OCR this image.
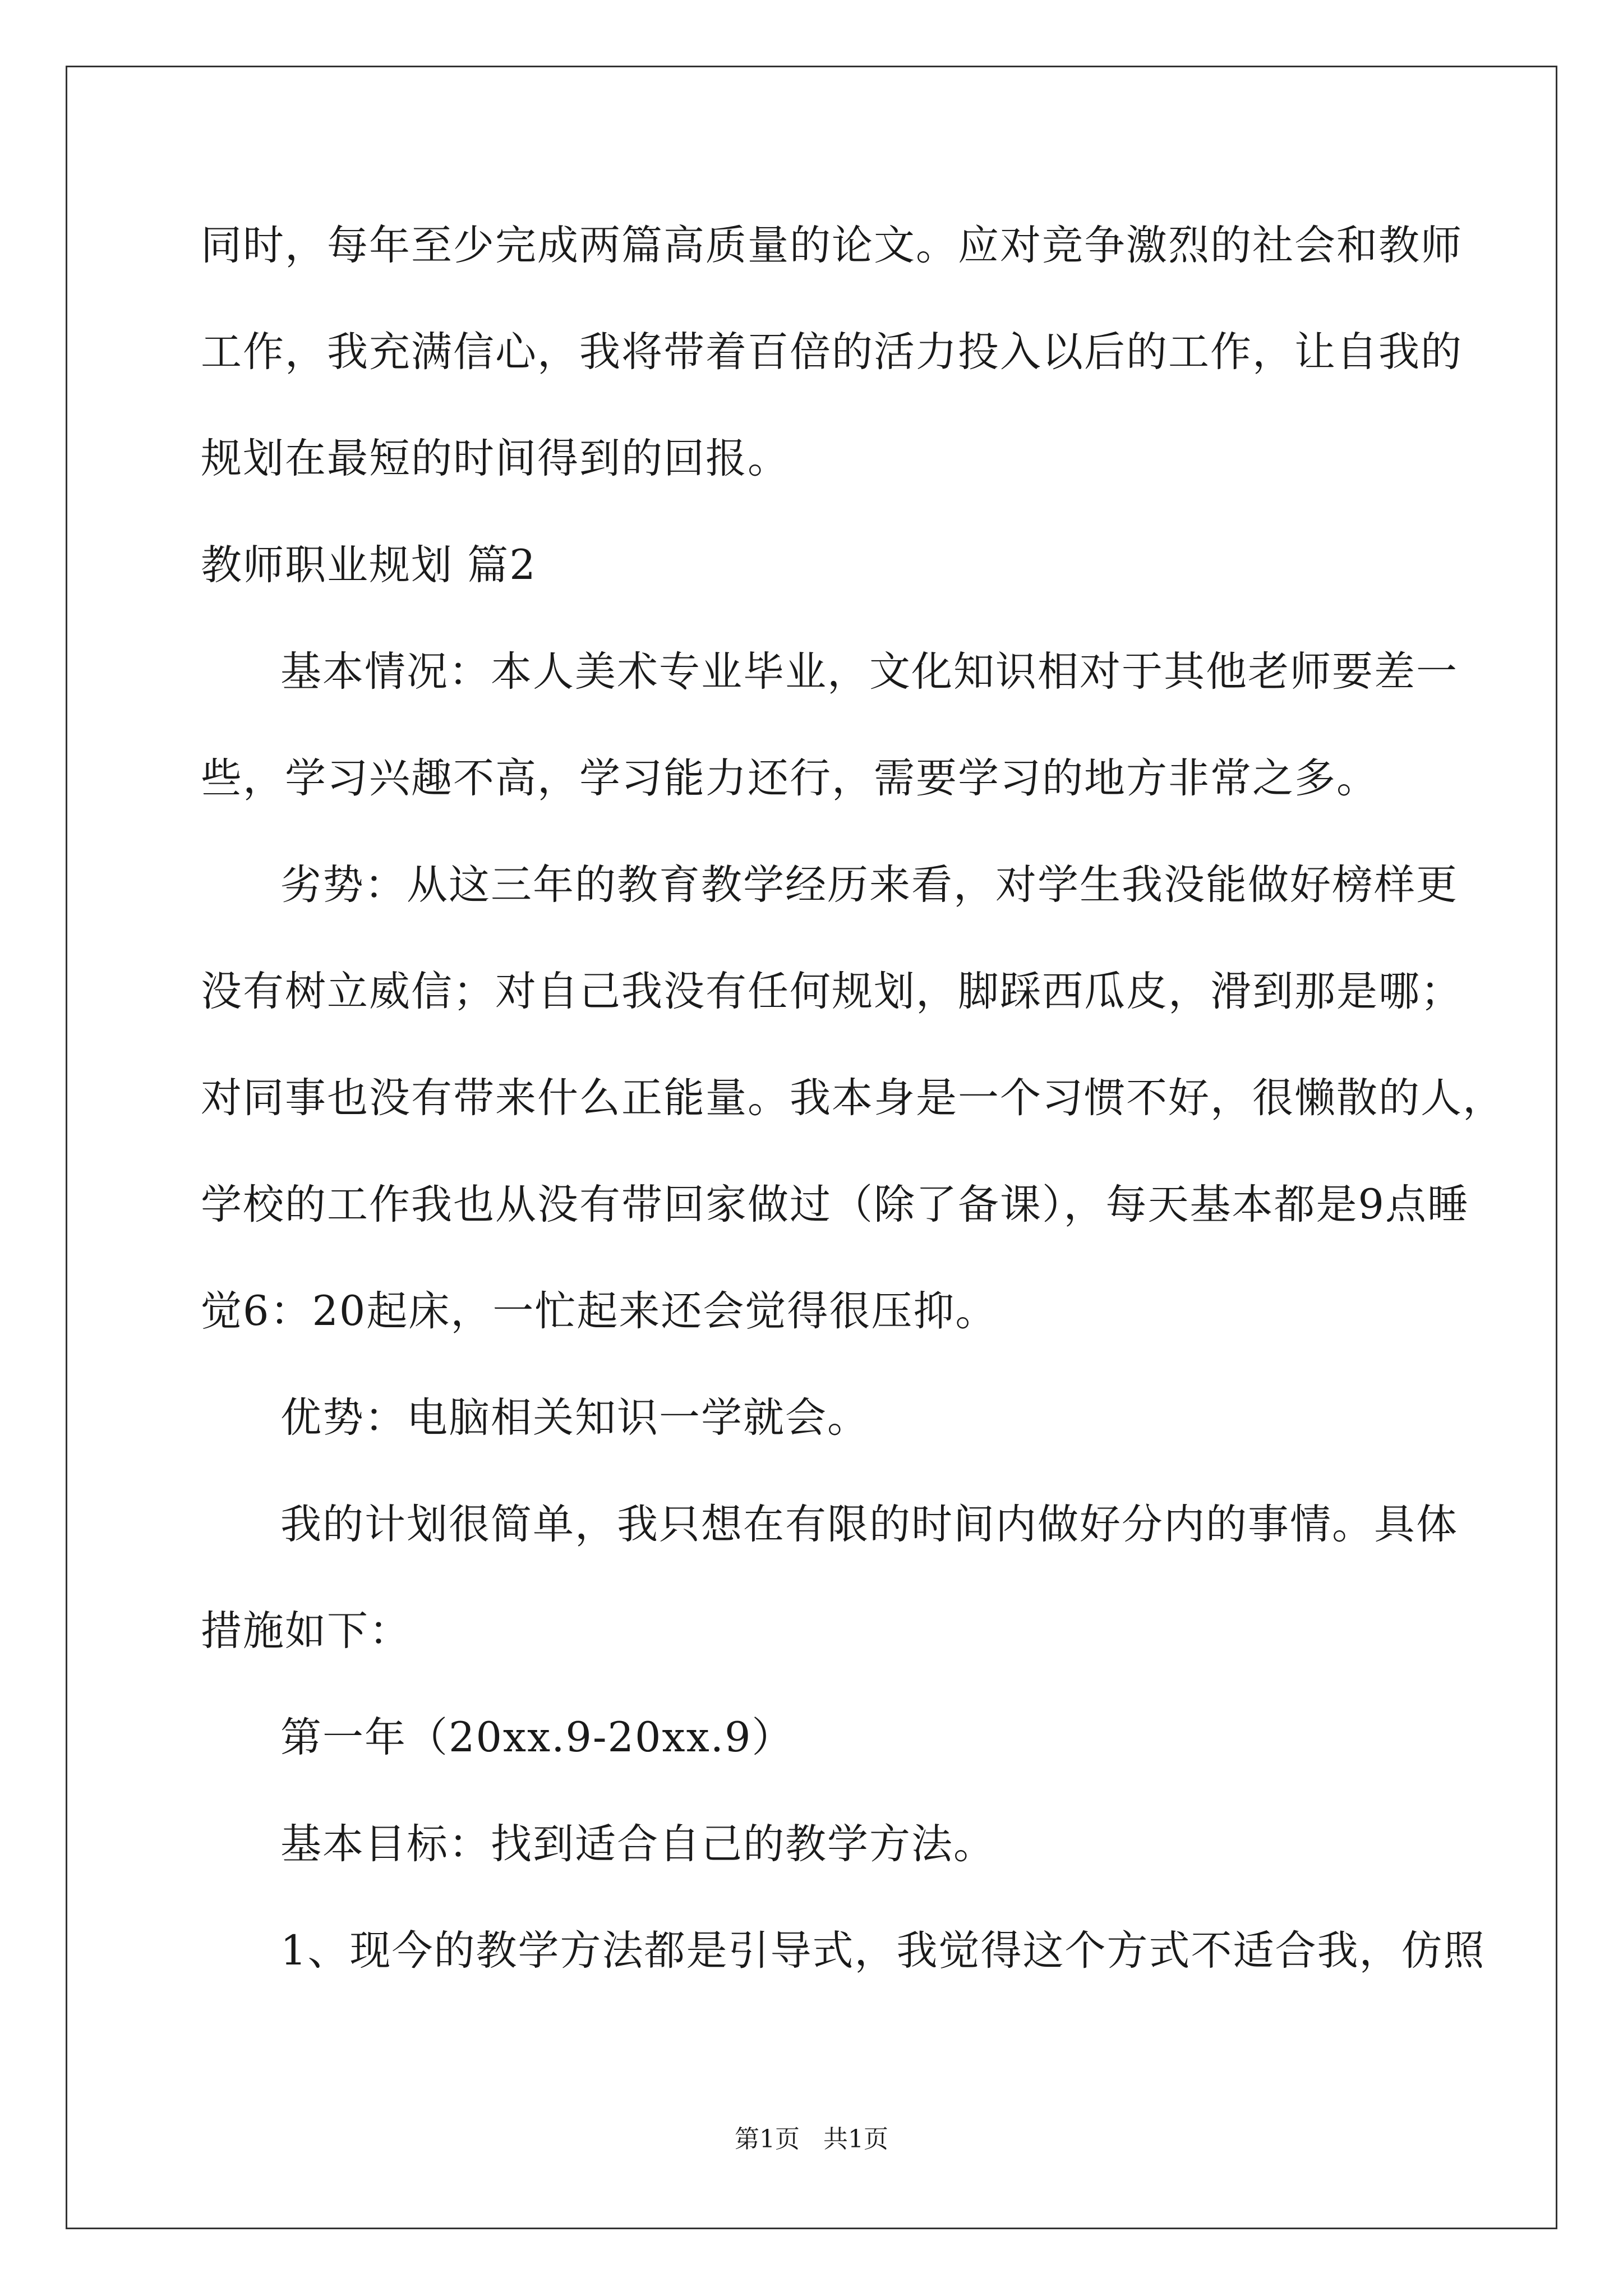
同时，每年至少完成两篇高质量的论文。应对竞争激烈的社会和教师
工作，我充满信心，我将带着百倍的活力投入以后的工作，让自我的
规划在最短的时间得到的回报。
教师职业规划 篇2
基本情况：本人美术专业毕业，文化知识相对于其他老师要差一
些，学习兴趣不高，学习能力还行，需要学习的地方非常之多。
劣势：从这三年的教育教学经历来看，对学生我没能做好榜样更
没有树立威信；对自己我没有任何规划，脚踩西瓜皮，滑到那是哪；
对同事也没有带来什么正能量。我本身是一个习惯不好，很懒散的人，
学校的工作我也从没有带回家做过（除了备课），每天基本都是9点睡
觉6：20起床，一忙起来还会觉得很压抑。
优势：电脑相关知识一学就会。
我的计划很简单，我只想在有限的时间内做好分内的事情。具体
措施如下：
第一年（20xx.9-20xx.9）
基本目标：找到适合自己的教学方法。
1、现今的教学方法都是引导式，我觉得这个方式不适合我，仿照
第1页   共1页
